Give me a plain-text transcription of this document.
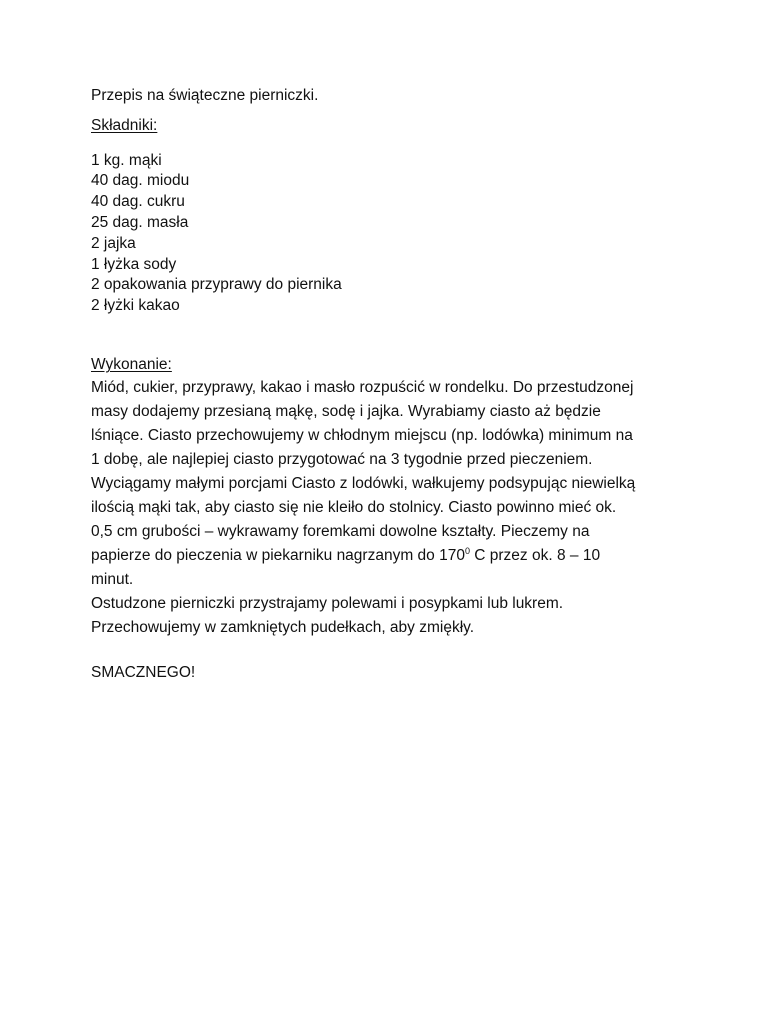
Przepis na świąteczne pierniczki.

Składniki:

1 kg. mąki
40 dag. miodu
40 dag. cukru
25 dag. masła
2 jajka
1 łyżka sody
2 opakowania przyprawy do piernika
2 łyżki kakao

Wykonanie:

Miód, cukier, przyprawy, kakao i masło rozpuścić w rondelku. Do przestudzonej
masy dodajemy przesianą mąkę, sodę i jajka. Wyrabiamy ciasto aż będzie
lśniące. Ciasto przechowujemy w chłodnym miejscu (np. lodówka) minimum na
1 dobę, ale najlepiej ciasto przygotować na 3 tygodnie przed pieczeniem.
Wyciągamy małymi porcjami Ciasto z lodówki, wałkujemy podsypując niewielką
ilością mąki tak, aby ciasto się nie kleiło do stolnicy. Ciasto powinno mieć ok.
0,5 cm grubości – wykrawamy foremkami dowolne kształty. Pieczemy na
papierze do pieczenia w piekarniku nagrzanym do $170^0$ C przez ok. 8 – 10
minut.
Ostudzone pierniczki przystrajamy polewami i posypkami lub lukrem.
Przechowujemy w zamkniętych pudełkach, aby zmiękły.

SMACZNEGO!
